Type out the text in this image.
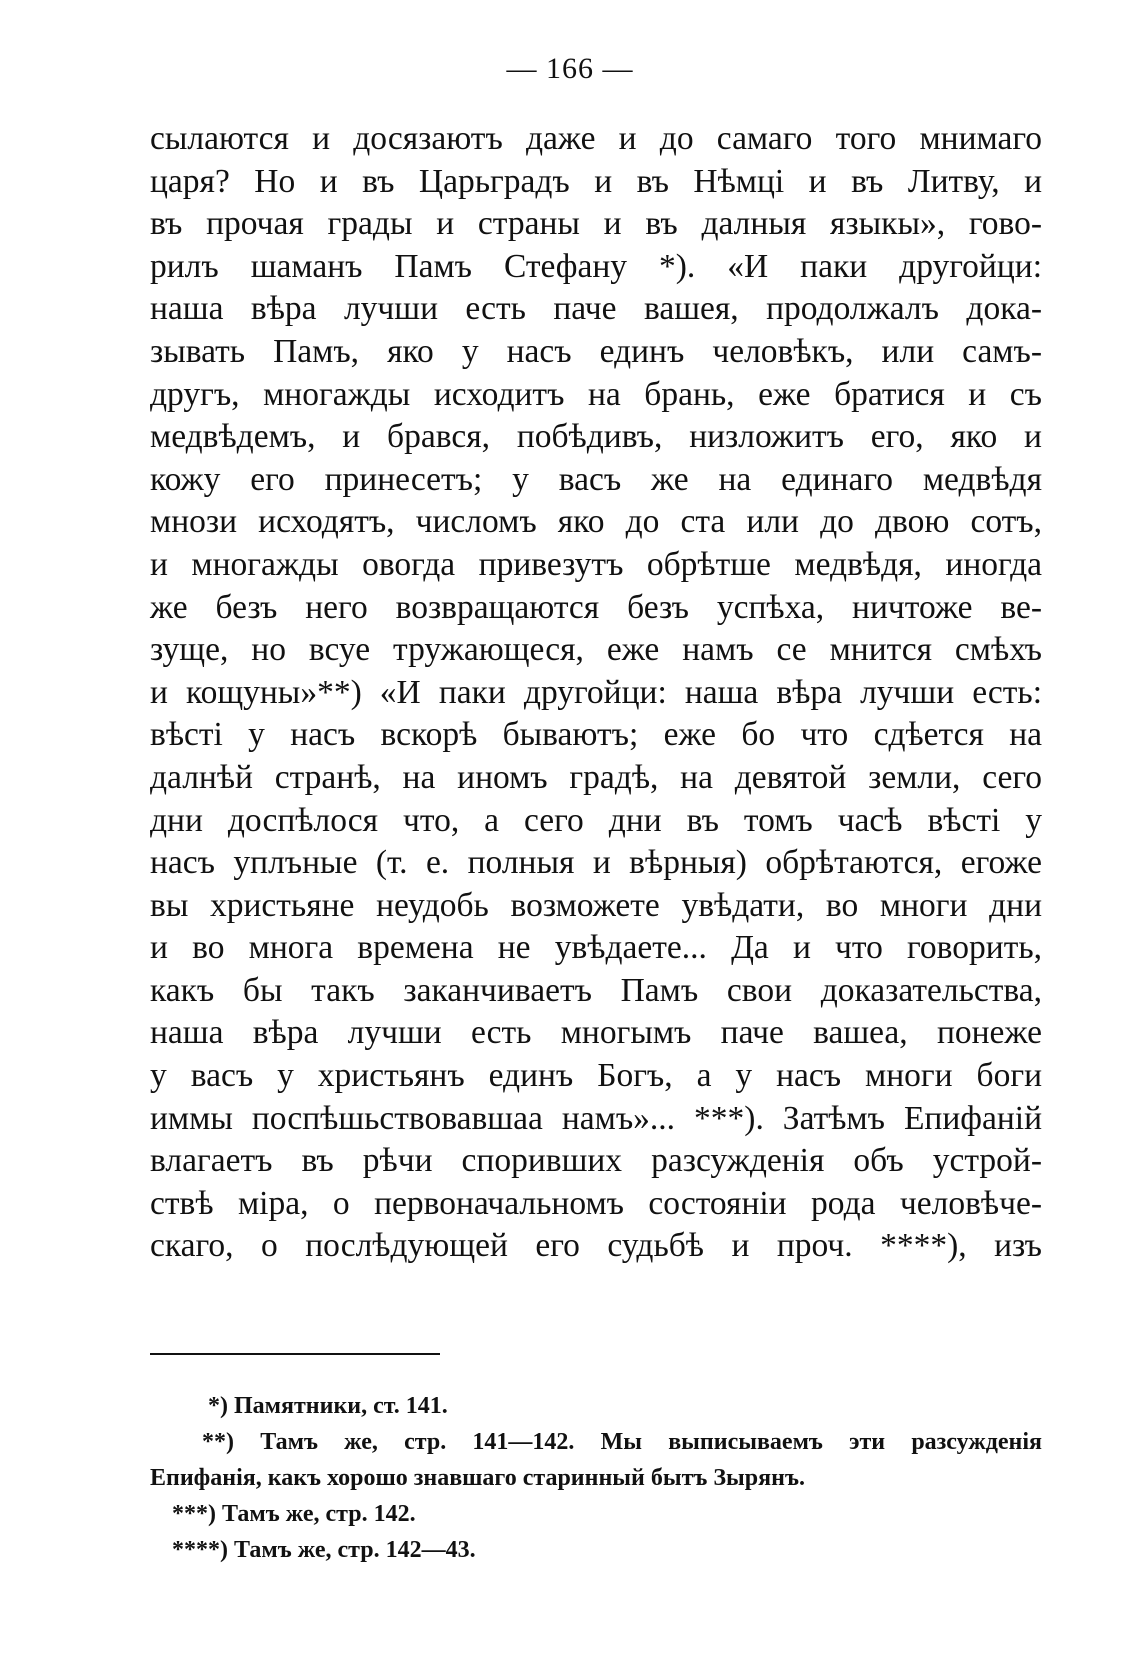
— 166 —
сылаются и досязаютъ даже и до самаго того мнимаго
царя? Но и въ Царьградъ и въ Нѣмці и въ Литву, и
въ прочая грады и страны и въ далныя языкы», гово-
рилъ шаманъ Памъ Стефану *). «И паки другойци:
наша вѣра лучши есть паче вашея, продолжалъ дока-
зывать Памъ, яко у насъ единъ человѣкъ, или самъ-
другъ, многажды исходитъ на брань, еже братися и съ
медвѣдемъ, и брався, побѣдивъ, низложитъ его, яко и
кожу его принесетъ; у васъ же на единаго медвѣдя
мнози исходятъ, числомъ яко до ста или до двою сотъ,
и многажды овогда привезутъ обрѣтше медвѣдя, иногда
же безъ него возвращаются безъ успѣха, ничтоже ве-
зуще, но всуе тружающеся, еже намъ се мнится смѣхъ
и кощуны»**) «И паки другойци: наша вѣра лучши есть:
вѣсті у насъ вскорѣ бываютъ; еже бо что сдѣется на
далнѣй странѣ, на иномъ градѣ, на девятой земли, сего
дни доспѣлося что, а сего дни въ томъ часѣ вѣсті у
насъ уплъные (т. е. полныя и вѣрныя) обрѣтаются, егоже
вы христьяне неудобь возможете увѣдати, во многи дни
и во многа времена не увѣдаете... Да и что говорить,
какъ бы такъ заканчиваетъ Памъ свои доказательства,
наша вѣра лучши есть многымъ паче вашеа, понеже
у васъ у христьянъ единъ Богъ, а у насъ многи боги
иммы поспѣшьствовавшаа намъ»... ***). Затѣмъ Епифаній
влагаетъ въ рѣчи споривших разсужденія объ устрой-
ствѣ міра, о первоначальномъ состояніи рода человѣче-
скаго, о послѣдующей его судьбѣ и проч. ****), изъ
*) Памятники, ст. 141.
**) Тамъ же, стр. 141—142. Мы выписываемъ эти разсужденія
Епифанія, какъ хорошо знавшаго старинный бытъ Зырянъ.
***) Тамъ же, стр. 142.
****) Тамъ же, стр. 142—43.
